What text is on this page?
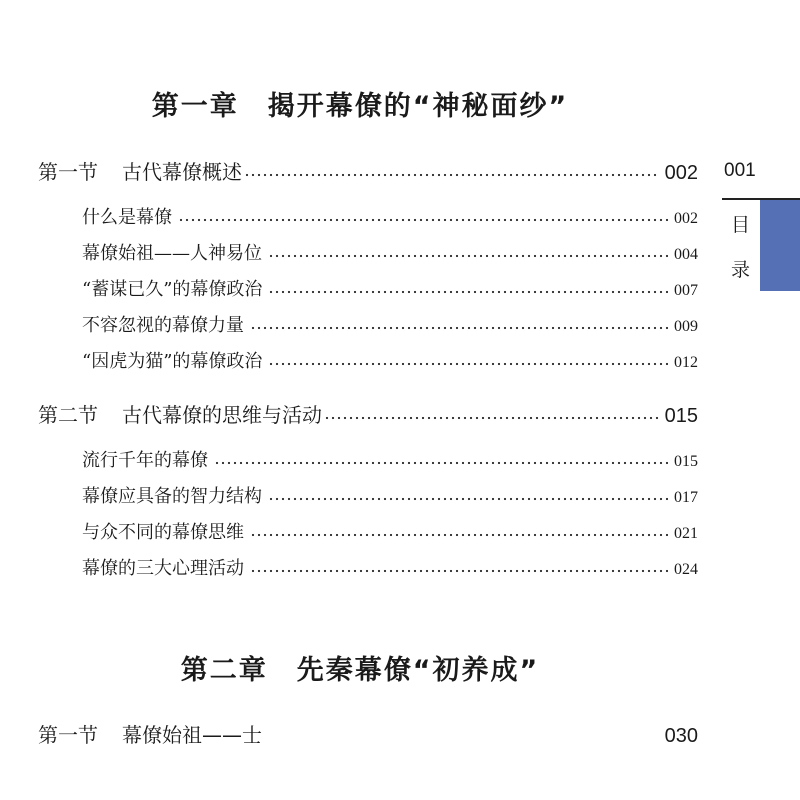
第一章　揭开幕僚的“神秘面纱”
第一节 古代幕僚概述	002
什么是幕僚	002
幕僚始祖——人神易位	004
“蓄谋已久”的幕僚政治	007
不容忽视的幕僚力量	009
“因虎为猫”的幕僚政治	012
第二节 古代幕僚的思维与活动	015
流行千年的幕僚	015
幕僚应具备的智力结构	017
与众不同的幕僚思维	021
幕僚的三大心理活动	024
第二章　先秦幕僚“初养成”
第一节 幕僚始祖——士	030
001
目
录
